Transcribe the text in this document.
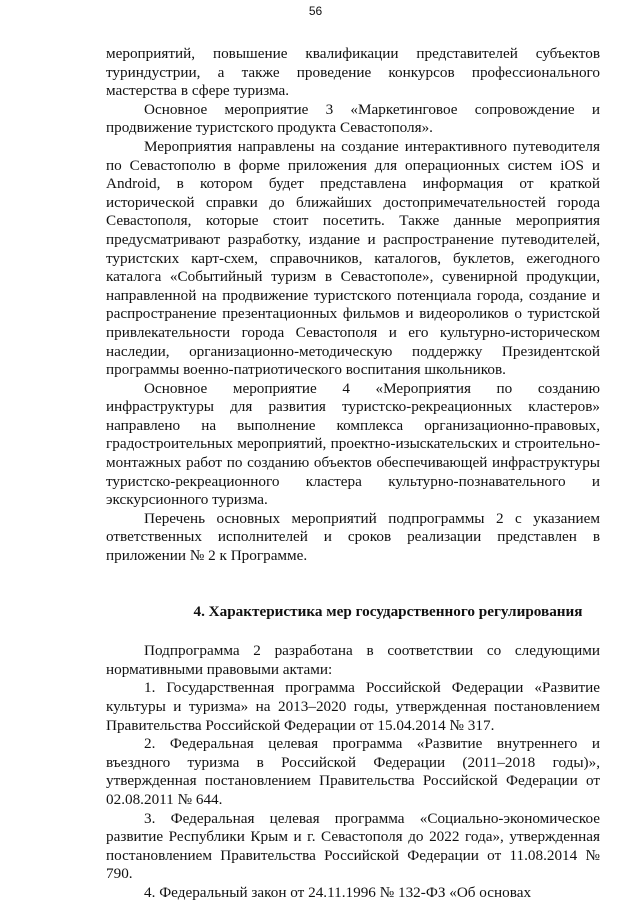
56

мероприятий, повышение квалификации представителей субъектов туриндустрии, а также проведение конкурсов профессионального мастерства в сфере туризма.

Основное мероприятие 3 «Маркетинговое сопровождение и продвижение туристского продукта Севастополя».

Мероприятия направлены на создание интерактивного путеводителя по Севастополю в форме приложения для операционных систем iOS и Android, в котором будет представлена информация от краткой исторической справки до ближайших достопримечательностей города Севастополя, которые стоит посетить. Также данные мероприятия предусматривают разработку, издание и распространение путеводителей, туристских карт-схем, справочников, каталогов, буклетов, ежегодного каталога «Событийный туризм в Севастополе», сувенирной продукции, направленной на продвижение туристского потенциала города, создание и распространение презентационных фильмов и видеороликов о туристской привлекательности города Севастополя и его культурно-историческом наследии, организационно-методическую поддержку Президентской программы военно-патриотического воспитания школьников.

Основное мероприятие 4 «Мероприятия по созданию инфраструктуры для развития туристско-рекреационных кластеров» направлено на выполнение комплекса организационно-правовых, градостроительных мероприятий, проектно-изыскательских и строительно-монтажных работ по созданию объектов обеспечивающей инфраструктуры туристско-рекреационного кластера культурно-познавательного и экскурсионного туризма.

Перечень основных мероприятий подпрограммы 2 с указанием ответственных исполнителей и сроков реализации представлен в приложении № 2 к Программе.

4. Характеристика мер государственного регулирования

Подпрограмма 2 разработана в соответствии со следующими нормативными правовыми актами:

1. Государственная программа Российской Федерации «Развитие культуры и туризма» на 2013–2020 годы, утвержденная постановлением Правительства Российской Федерации от 15.04.2014 № 317.

2. Федеральная целевая программа «Развитие внутреннего и въездного туризма в Российской Федерации (2011–2018 годы)», утвержденная постановлением Правительства Российской Федерации от 02.08.2011 № 644.

3. Федеральная целевая программа «Социально-экономическое развитие Республики Крым и г. Севастополя до 2022 года», утвержденная постановлением Правительства Российской Федерации от 11.08.2014 № 790.

4. Федеральный закон от 24.11.1996 № 132-ФЗ «Об основах
